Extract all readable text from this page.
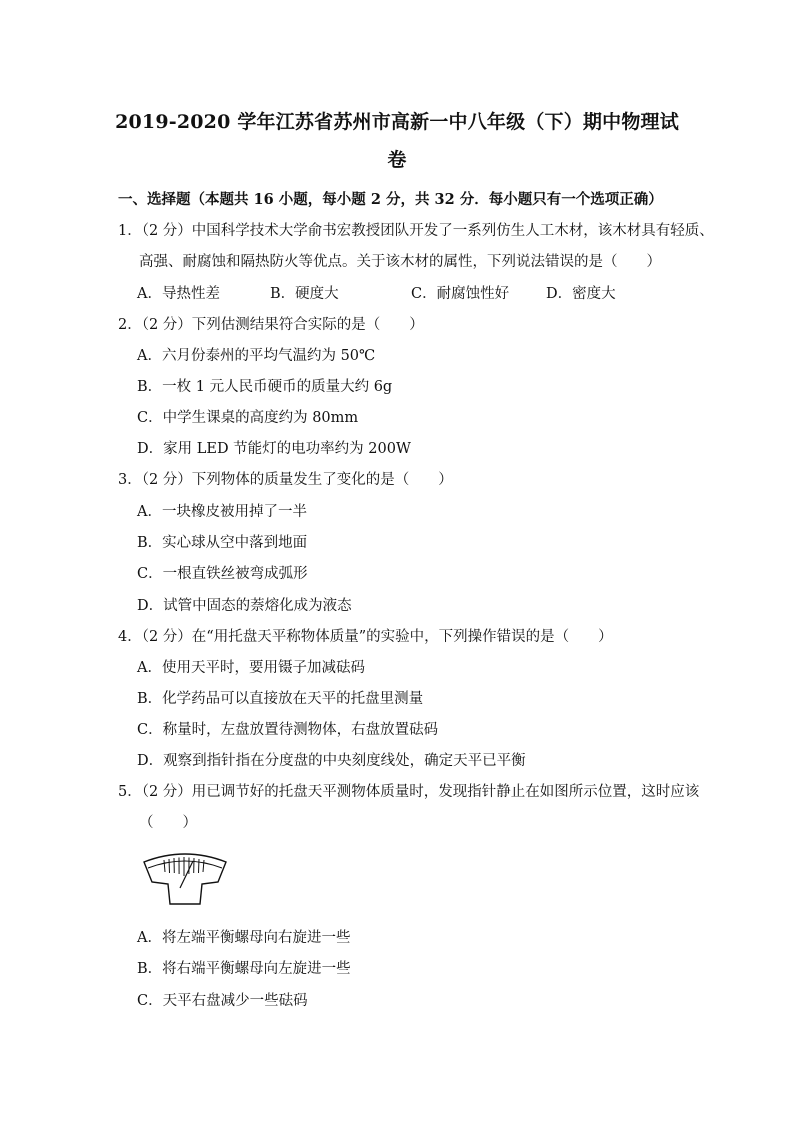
2019-2020 学年江苏省苏州市高新一中八年级（下）期中物理试
卷
一、选择题（本题共 16 小题，每小题 2 分，共 32 分．每小题只有一个选项正确）
1．（2 分）中国科学技术大学俞书宏教授团队开发了一系列仿生人工木材，该木材具有轻质、
高强、耐腐蚀和隔热防火等优点。关于该木材的属性，下列说法错误的是（　　）
A．导热性差	B．硬度大	C．耐腐蚀性好	D．密度大
2．（2 分）下列估测结果符合实际的是（　　）
A．六月份泰州的平均气温约为 50℃
B．一枚 1 元人民币硬币的质量大约 6g
C．中学生课桌的高度约为 80mm
D．家用 LED 节能灯的电功率约为 200W
3．（2 分）下列物体的质量发生了变化的是（　　）
A．一块橡皮被用掉了一半
B．实心球从空中落到地面
C．一根直铁丝被弯成弧形
D．试管中固态的萘熔化成为液态
4．（2 分）在“用托盘天平称物体质量”的实验中，下列操作错误的是（　　）
A．使用天平时，要用镊子加减砝码
B．化学药品可以直接放在天平的托盘里测量
C．称量时，左盘放置待测物体，右盘放置砝码
D．观察到指针指在分度盘的中央刻度线处，确定天平已平衡
5．（2 分）用已调节好的托盘天平测物体质量时，发现指针静止在如图所示位置，这时应该
（　　）
A．将左端平衡螺母向右旋进一些
B．将右端平衡螺母向左旋进一些
C．天平右盘减少一些砝码
